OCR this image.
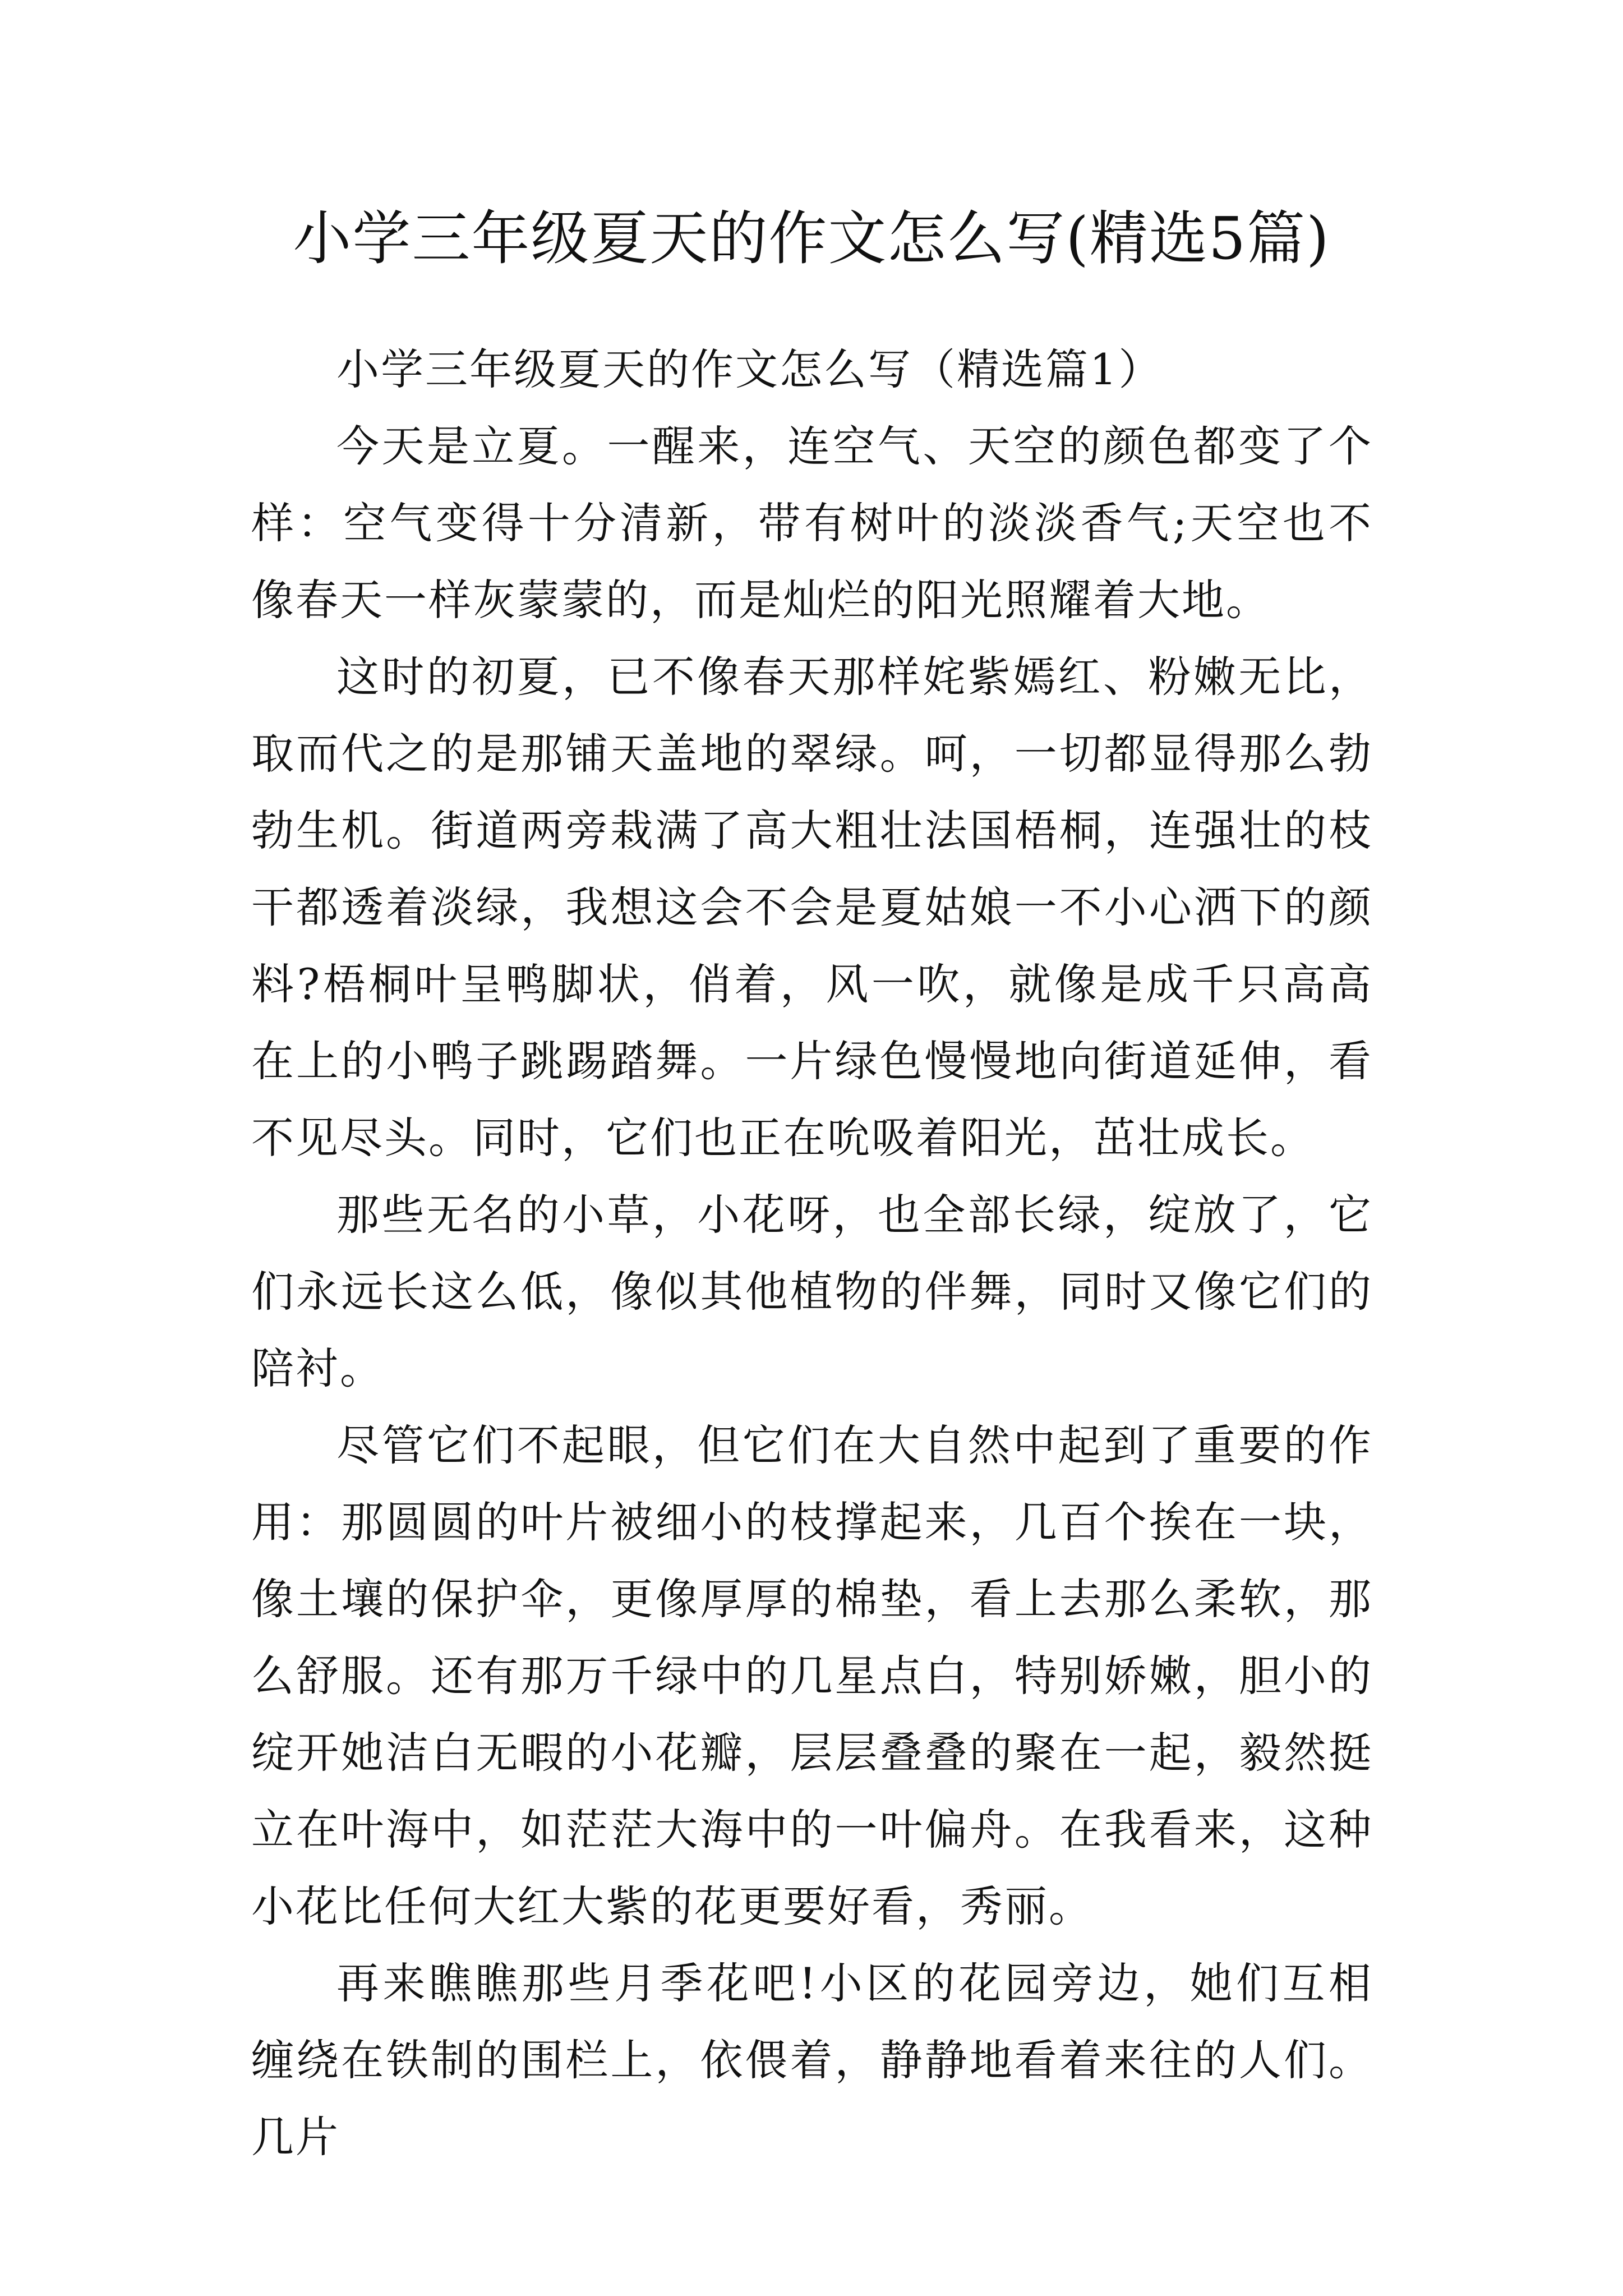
小学三年级夏天的作文怎么写(精选5篇)

小学三年级夏天的作文怎么写（精选篇1）

今天是立夏。一醒来，连空气、天空的颜色都变了个样：空气变得十分清新，带有树叶的淡淡香气;天空也不像春天一样灰蒙蒙的，而是灿烂的阳光照耀着大地。

这时的初夏，已不像春天那样姹紫嫣红、粉嫩无比，取而代之的是那铺天盖地的翠绿。呵，一切都显得那么勃勃生机。街道两旁栽满了高大粗壮法国梧桐，连强壮的枝干都透着淡绿，我想这会不会是夏姑娘一不小心洒下的颜料?梧桐叶呈鸭脚状，俏着，风一吹，就像是成千只高高在上的小鸭子跳踢踏舞。一片绿色慢慢地向街道延伸，看不见尽头。同时，它们也正在吮吸着阳光，茁壮成长。

那些无名的小草，小花呀，也全部长绿，绽放了，它们永远长这么低，像似其他植物的伴舞，同时又像它们的陪衬。

尽管它们不起眼，但它们在大自然中起到了重要的作用：那圆圆的叶片被细小的枝撑起来，几百个挨在一块，像土壤的保护伞，更像厚厚的棉垫，看上去那么柔软，那么舒服。还有那万千绿中的几星点白，特别娇嫩，胆小的绽开她洁白无暇的小花瓣，层层叠叠的聚在一起，毅然挺立在叶海中，如茫茫大海中的一叶偏舟。在我看来，这种小花比任何大红大紫的花更要好看，秀丽。

再来瞧瞧那些月季花吧!小区的花园旁边，她们互相缠绕在铁制的围栏上，依偎着，静静地看着来往的人们。几片
